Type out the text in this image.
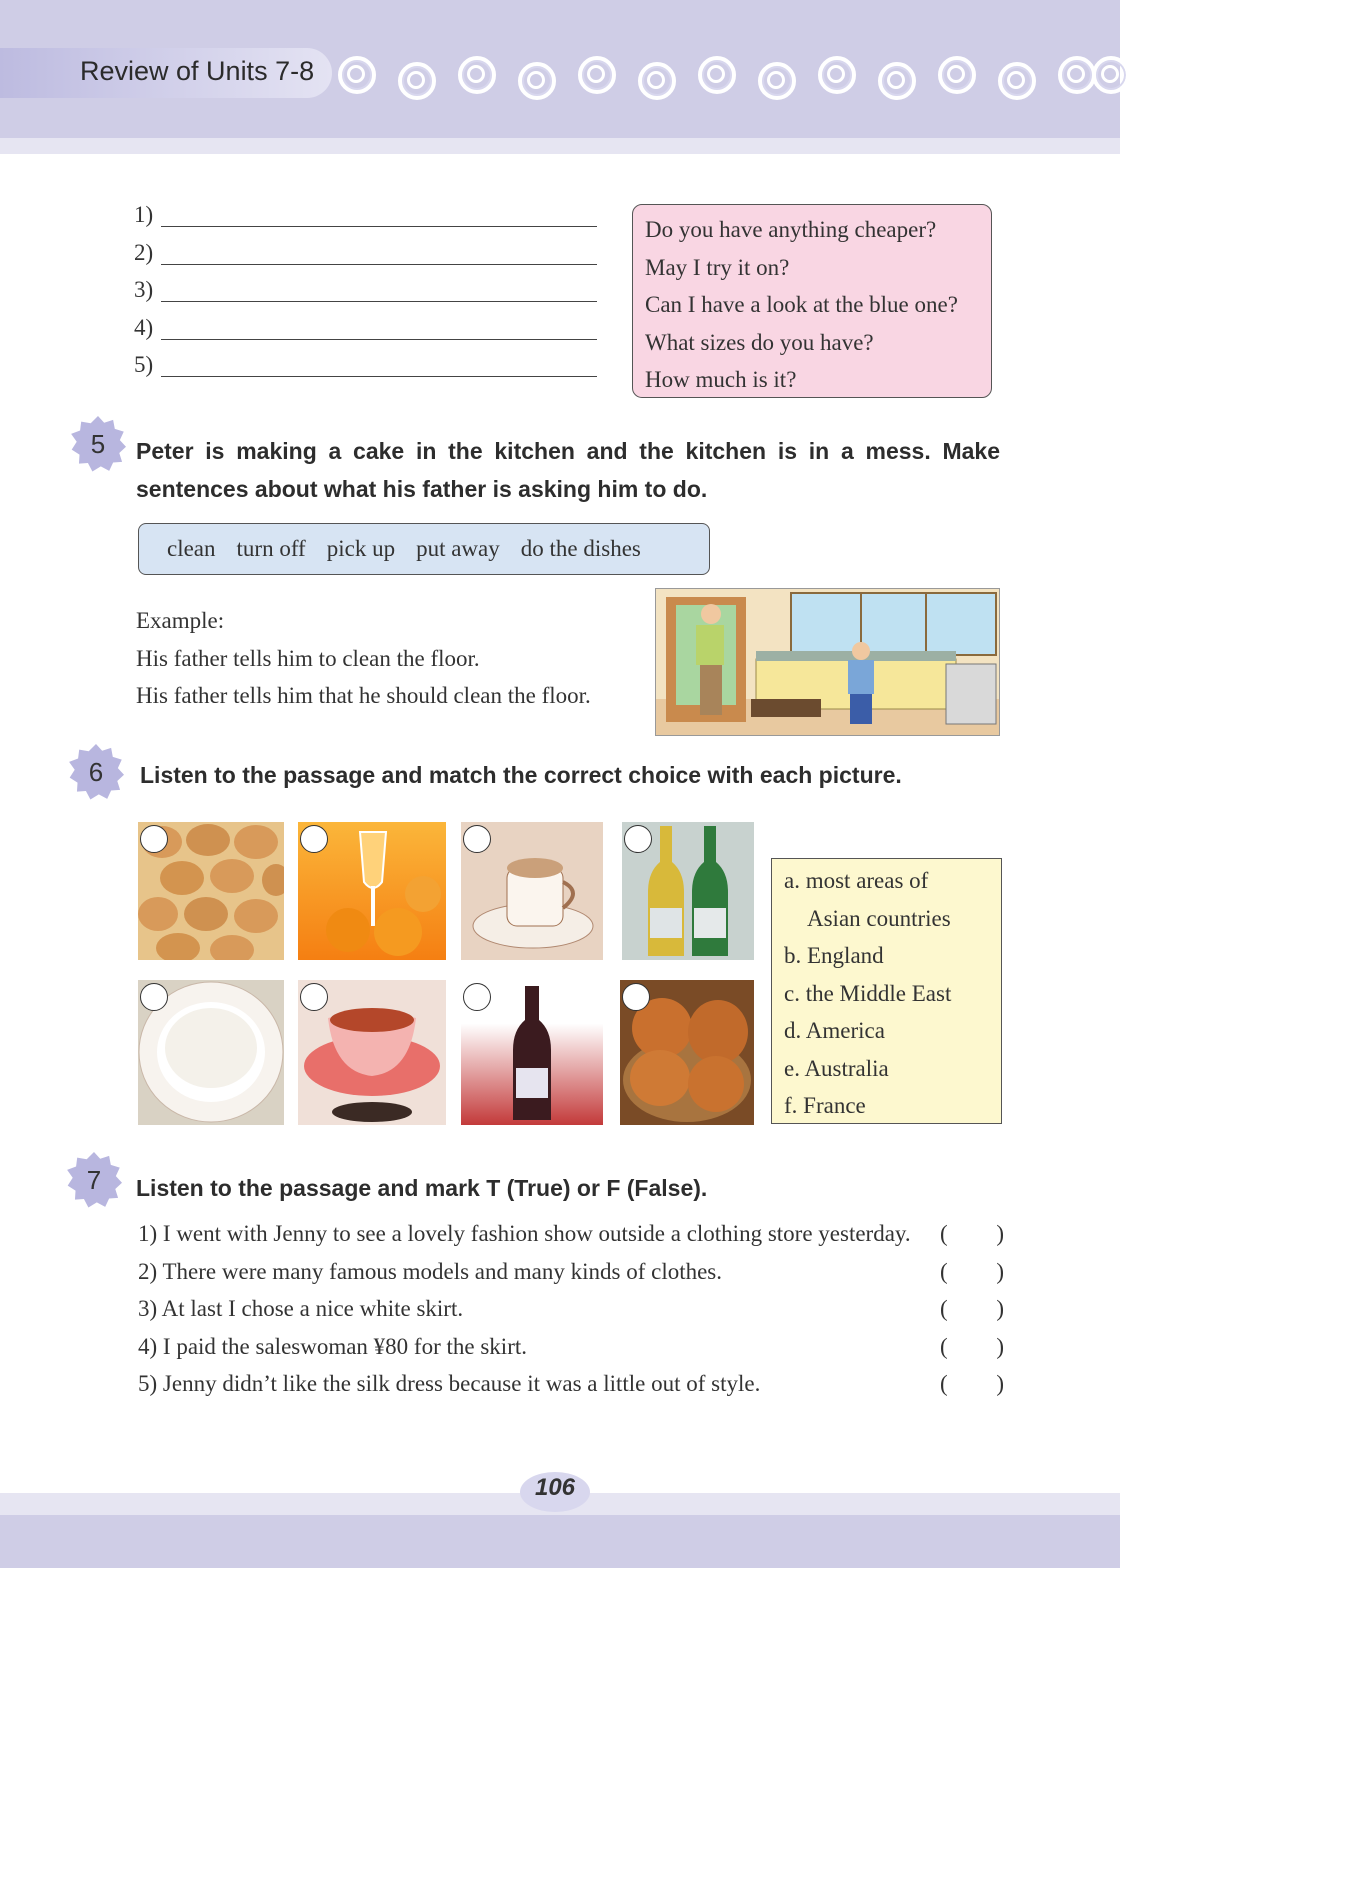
Review of Units 7-8
1)
2)
3)
4)
5)
Do you have anything cheaper?
May I try it on?
Can I have a look at the blue one?
What sizes do you have?
How much is it?
5	Peter is making a cake in the kitchen and the kitchen is in a mess. Make sentences about what his father is asking him to do.
clean turn off pick up put away do the dishes
Example:
His father tells him to clean the floor.
His father tells him that he should clean the floor.
6	Listen to the passage and match the correct choice with each picture.
a. most areas of
Asian countries
b. England
c. the Middle East
d. America
e. Australia
f. France
7	Listen to the passage and mark T (True) or F (False).
1) I went with Jenny to see a lovely fashion show outside a clothing store yesterday. ( )
2) There were many famous models and many kinds of clothes.	( )
3) At last I chose a nice white skirt.	( )
4) I paid the saleswoman ¥80 for the skirt.	( )
5) Jenny didn’t like the silk dress because it was a little out of style.	( )
106
